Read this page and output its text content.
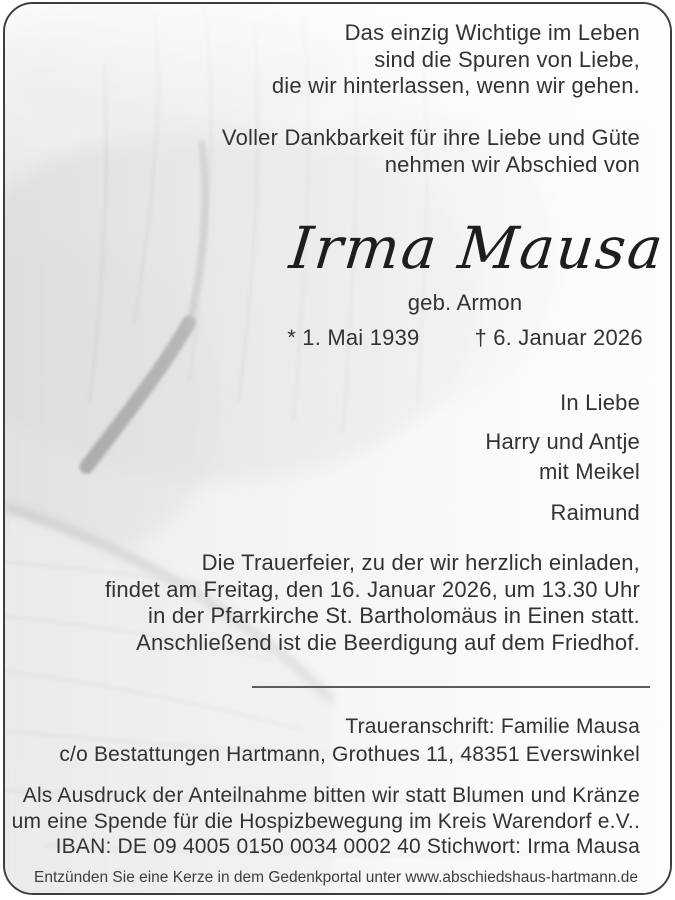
Das einzig Wichtige im Leben
sind die Spuren von Liebe,
die wir hinterlassen, wenn wir gehen.
Voller Dankbarkeit für ihre Liebe und Güte
nehmen wir Abschied von
Irma Mausa
geb. Armon
* 1. Mai 1939	† 6. Januar 2026
In Liebe
Harry und Antje
mit Meikel
Raimund
Die Trauerfeier, zu der wir herzlich einladen,
findet am Freitag, den 16. Januar 2026, um 13.30 Uhr
in der Pfarrkirche St. Bartholomäus in Einen statt.
Anschließend ist die Beerdigung auf dem Friedhof.
Traueranschrift: Familie Mausa
c/o Bestattungen Hartmann, Grothues 11, 48351 Everswinkel
Als Ausdruck der Anteilnahme bitten wir statt Blumen und Kränze
um eine Spende für die Hospizbewegung im Kreis Warendorf e.V..
IBAN: DE 09 4005 0150 0034 0002 40 Stichwort: Irma Mausa
Entzünden Sie eine Kerze in dem Gedenkportal unter www.abschiedshaus-hartmann.de
